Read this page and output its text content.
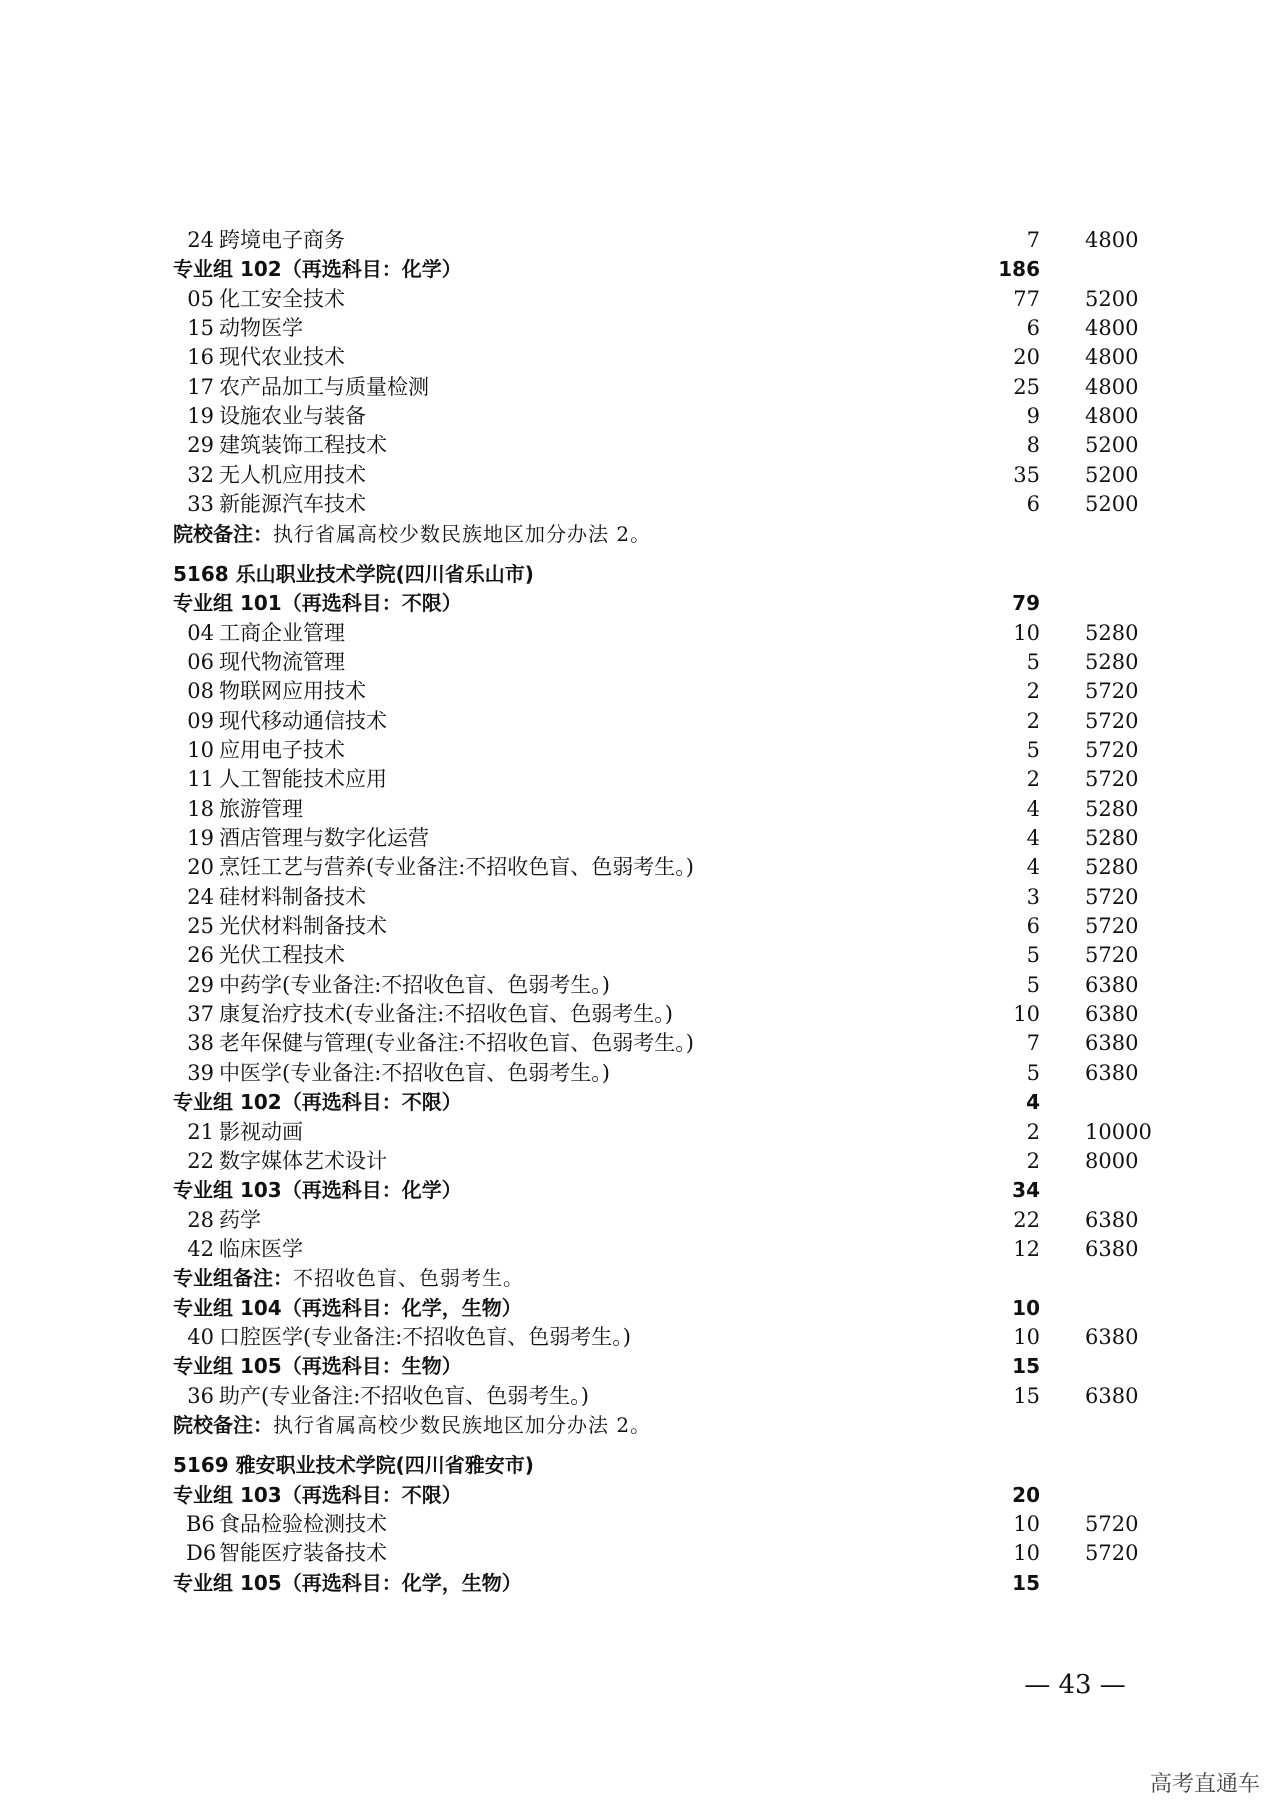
24 跨境电子商务	7 4800
专业组 102（再选科目：化学）	186
05 化工安全技术	77 5200
15 动物医学	6 4800
16 现代农业技术	20 4800
17 农产品加工与质量检测	25 4800
19 设施农业与装备	9 4800
29 建筑装饰工程技术	8 5200
32 无人机应用技术	35 5200
33 新能源汽车技术	6 5200
院校备注：执行省属高校少数民族地区加分办法 2。
5168 乐山职业技术学院(四川省乐山市)
专业组 101（再选科目：不限）	79
04 工商企业管理	10 5280
06 现代物流管理	5 5280
08 物联网应用技术	2 5720
09 现代移动通信技术	2 5720
10 应用电子技术	5 5720
11 人工智能技术应用	2 5720
18 旅游管理	4 5280
19 酒店管理与数字化运营	4 5280
20 烹饪工艺与营养(专业备注:不招收色盲、色弱考生。)	4 5280
24 硅材料制备技术	3 5720
25 光伏材料制备技术	6 5720
26 光伏工程技术	5 5720
29 中药学(专业备注:不招收色盲、色弱考生。)	5 6380
37 康复治疗技术(专业备注:不招收色盲、色弱考生。)	10 6380
38 老年保健与管理(专业备注:不招收色盲、色弱考生。)	7 6380
39 中医学(专业备注:不招收色盲、色弱考生。)	5 6380
专业组 102（再选科目：不限）	4
21 影视动画	2 10000
22 数字媒体艺术设计	2 8000
专业组 103（再选科目：化学）	34
28 药学	22 6380
42 临床医学	12 6380
专业组备注：不招收色盲、色弱考生。
专业组 104（再选科目：化学，生物）	10
40 口腔医学(专业备注:不招收色盲、色弱考生。)	10 6380
专业组 105（再选科目：生物）	15
36 助产(专业备注:不招收色盲、色弱考生。)	15 6380
院校备注：执行省属高校少数民族地区加分办法 2。
5169 雅安职业技术学院(四川省雅安市)
专业组 103（再选科目：不限）	20
B6 食品检验检测技术	10 5720
D6 智能医疗装备技术	10 5720
专业组 105（再选科目：化学，生物）	15
— 43 —
高考直通车
